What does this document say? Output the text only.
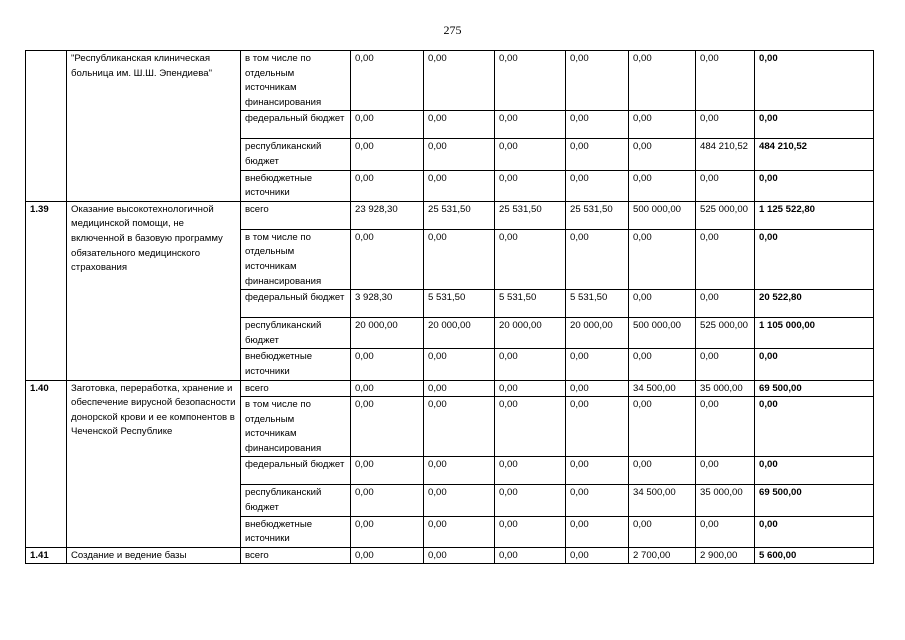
275
	"Республиканская клиническая больница им. Ш.Ш. Эпендиева"	в том числе по отдельным источникам финансирования	0,00	0,00	0,00	0,00	0,00	0,00	0,00
		федеральный бюджет	0,00	0,00	0,00	0,00	0,00	0,00	0,00
		республиканский бюджет	0,00	0,00	0,00	0,00	0,00	484 210,52	484 210,52
		внебюджетные источники	0,00	0,00	0,00	0,00	0,00	0,00	0,00
1.39	Оказание высокотехнологичной медицинской помощи, не включенной в базовую программу обязательного медицинского страхования	всего	23 928,30	25 531,50	25 531,50	25 531,50	500 000,00	525 000,00	1 125 522,80
		в том числе по отдельным источникам финансирования	0,00	0,00	0,00	0,00	0,00	0,00	0,00
		федеральный бюджет	3 928,30	5 531,50	5 531,50	5 531,50	0,00	0,00	20 522,80
		республиканский бюджет	20 000,00	20 000,00	20 000,00	20 000,00	500 000,00	525 000,00	1 105 000,00
		внебюджетные источники	0,00	0,00	0,00	0,00	0,00	0,00	0,00
1.40	Заготовка, переработка, хранение и обеспечение вирусной безопасности донорской крови и ее компонентов в Чеченской Республике	всего	0,00	0,00	0,00	0,00	34 500,00	35 000,00	69 500,00
		в том числе по отдельным источникам финансирования	0,00	0,00	0,00	0,00	0,00	0,00	0,00
		федеральный бюджет	0,00	0,00	0,00	0,00	0,00	0,00	0,00
		республиканский бюджет	0,00	0,00	0,00	0,00	34 500,00	35 000,00	69 500,00
		внебюджетные источники	0,00	0,00	0,00	0,00	0,00	0,00	0,00
1.41	Создание и ведение базы	всего	0,00	0,00	0,00	0,00	2 700,00	2 900,00	5 600,00
